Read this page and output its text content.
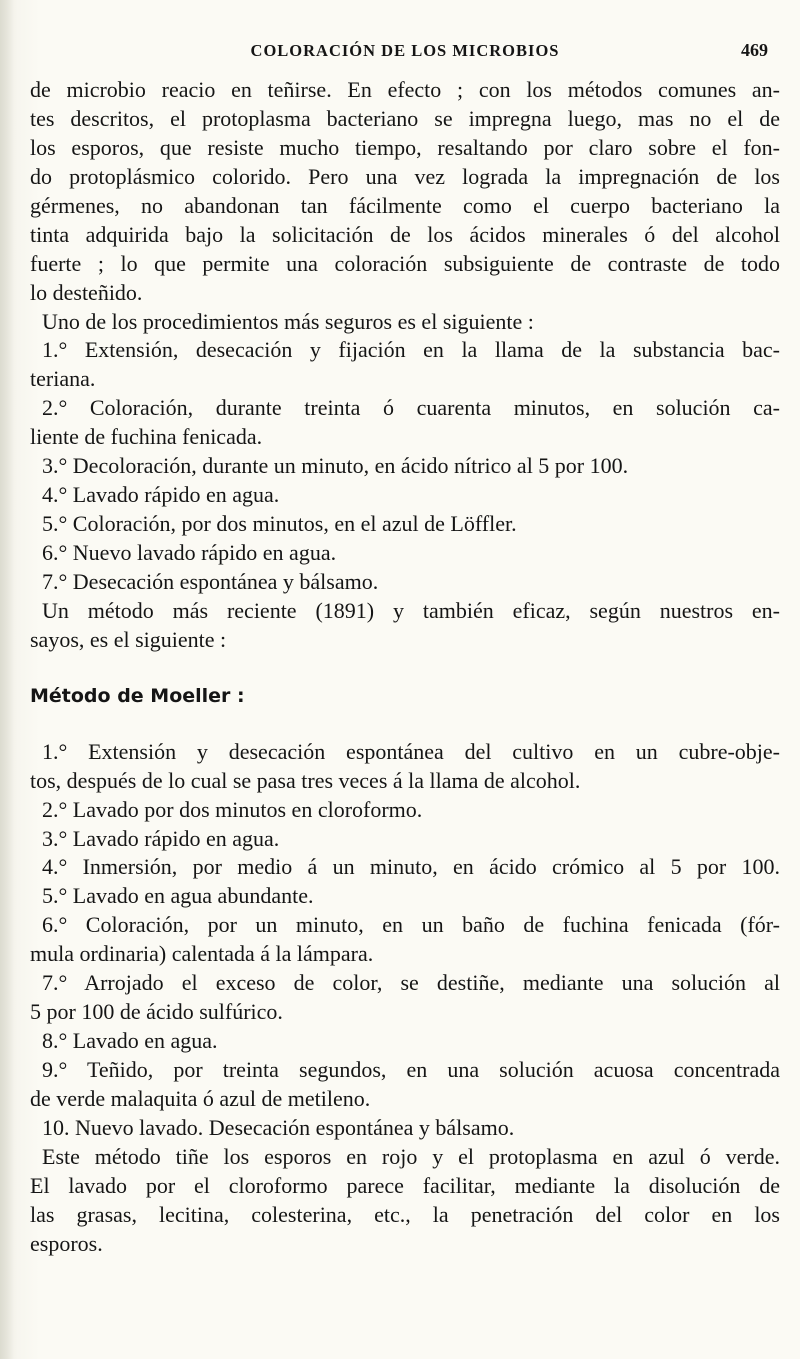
COLORACIÓN DE LOS MICROBIOS	469
de microbio reacio en teñirse. En efecto ; con los métodos comunes an-
tes descritos, el protoplasma bacteriano se impregna luego, mas no el de
los esporos, que resiste mucho tiempo, resaltando por claro sobre el fon-
do protoplásmico colorido. Pero una vez lograda la impregnación de los
gérmenes, no abandonan tan fácilmente como el cuerpo bacteriano la
tinta adquirida bajo la solicitación de los ácidos minerales ó del alcohol
fuerte ; lo que permite una coloración subsiguiente de contraste de todo
lo desteñido.
Uno de los procedimientos más seguros es el siguiente :
1.° Extensión, desecación y fijación en la llama de la substancia bac-
teriana.
2.° Coloración, durante treinta ó cuarenta minutos, en solución ca-
liente de fuchina fenicada.
3.° Decoloración, durante un minuto, en ácido nítrico al 5 por 100.
4.° Lavado rápido en agua.
5.° Coloración, por dos minutos, en el azul de Löffler.
6.° Nuevo lavado rápido en agua.
7.° Desecación espontánea y bálsamo.
Un método más reciente (1891) y también eficaz, según nuestros en-
sayos, es el siguiente :
Método de Moeller :
1.° Extensión y desecación espontánea del cultivo en un cubre-obje-
tos, después de lo cual se pasa tres veces á la llama de alcohol.
2.° Lavado por dos minutos en cloroformo.
3.° Lavado rápido en agua.
4.° Inmersión, por medio á un minuto, en ácido crómico al 5 por 100.
5.° Lavado en agua abundante.
6.° Coloración, por un minuto, en un baño de fuchina fenicada (fór-
mula ordinaria) calentada á la lámpara.
7.° Arrojado el exceso de color, se destiñe, mediante una solución al
5 por 100 de ácido sulfúrico.
8.° Lavado en agua.
9.° Teñido, por treinta segundos, en una solución acuosa concentrada
de verde malaquita ó azul de metileno.
10. Nuevo lavado. Desecación espontánea y bálsamo.
Este método tiñe los esporos en rojo y el protoplasma en azul ó verde.
El lavado por el cloroformo parece facilitar, mediante la disolución de
las grasas, lecitina, colesterina, etc., la penetración del color en los
esporos.
